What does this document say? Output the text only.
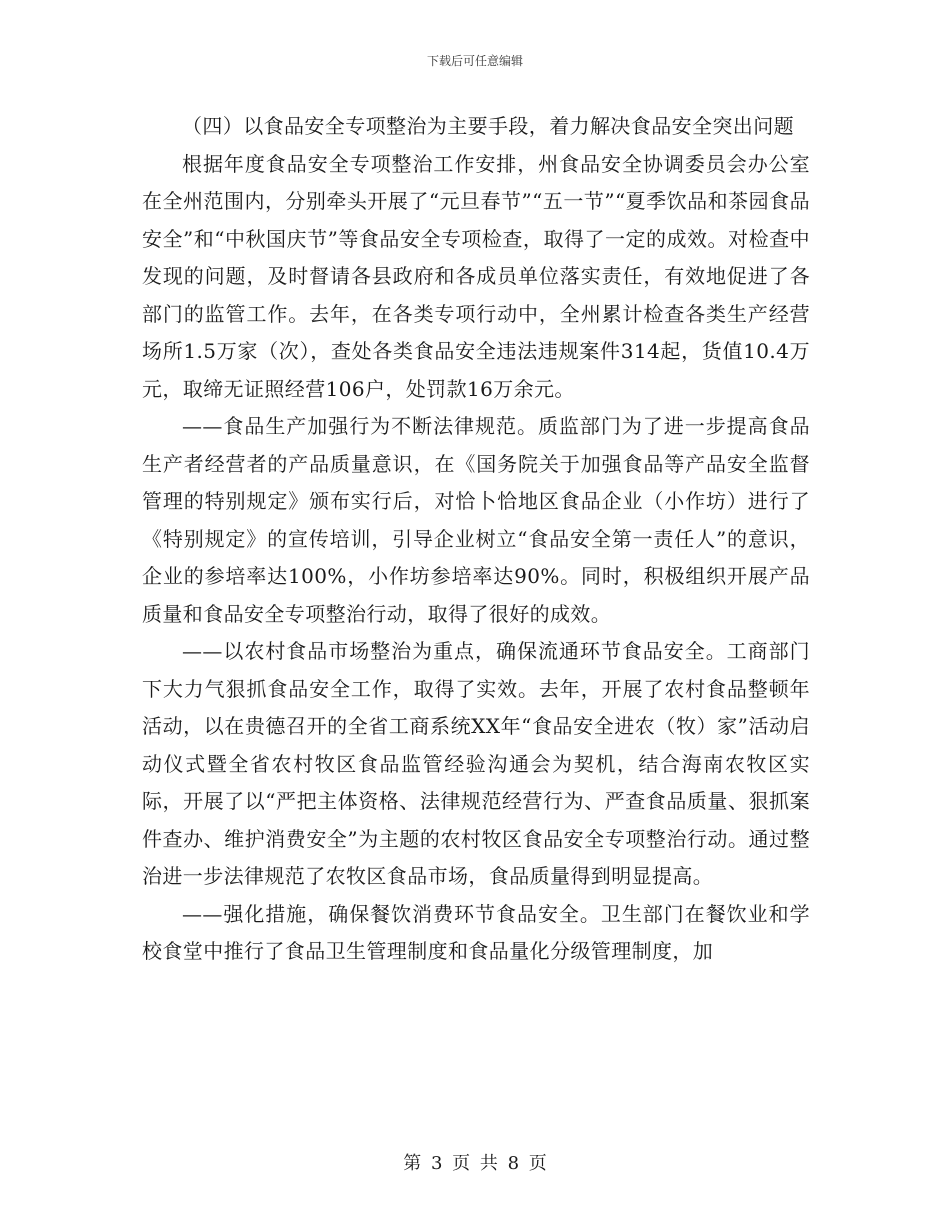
下载后可任意编辑

（四）以食品安全专项整治为主要手段，着力解决食品安全突出问题

根据年度食品安全专项整治工作安排，州食品安全协调委员会办公室在全州范围内，分别牵头开展了“元旦春节”“五一节”“夏季饮品和茶园食品安全”和“中秋国庆节”等食品安全专项检查，取得了一定的成效。对检查中发现的问题，及时督请各县政府和各成员单位落实责任，有效地促进了各部门的监管工作。去年，在各类专项行动中，全州累计检查各类生产经营场所1.5万家（次），查处各类食品安全违法违规案件314起，货值10.4万元，取缔无证照经营106户，处罚款16万余元。

——食品生产加强行为不断法律规范。质监部门为了进一步提高食品生产者经营者的产品质量意识，在《国务院关于加强食品等产品安全监督管理的特别规定》颁布实行后，对恰卜恰地区食品企业（小作坊）进行了《特别规定》的宣传培训，引导企业树立“食品安全第一责任人”的意识，企业的参培率达100%，小作坊参培率达90%。同时，积极组织开展产品质量和食品安全专项整治行动，取得了很好的成效。

——以农村食品市场整治为重点，确保流通环节食品安全。工商部门下大力气狠抓食品安全工作，取得了实效。去年，开展了农村食品整顿年活动，以在贵德召开的全省工商系统XX年“食品安全进农（牧）家”活动启动仪式暨全省农村牧区食品监管经验沟通会为契机，结合海南农牧区实际，开展了以“严把主体资格、法律规范经营行为、严查食品质量、狠抓案件查办、维护消费安全”为主题的农村牧区食品安全专项整治行动。通过整治进一步法律规范了农牧区食品市场，食品质量得到明显提高。

——强化措施，确保餐饮消费环节食品安全。卫生部门在餐饮业和学校食堂中推行了食品卫生管理制度和食品量化分级管理制度，加

第 3 页 共 8 页
